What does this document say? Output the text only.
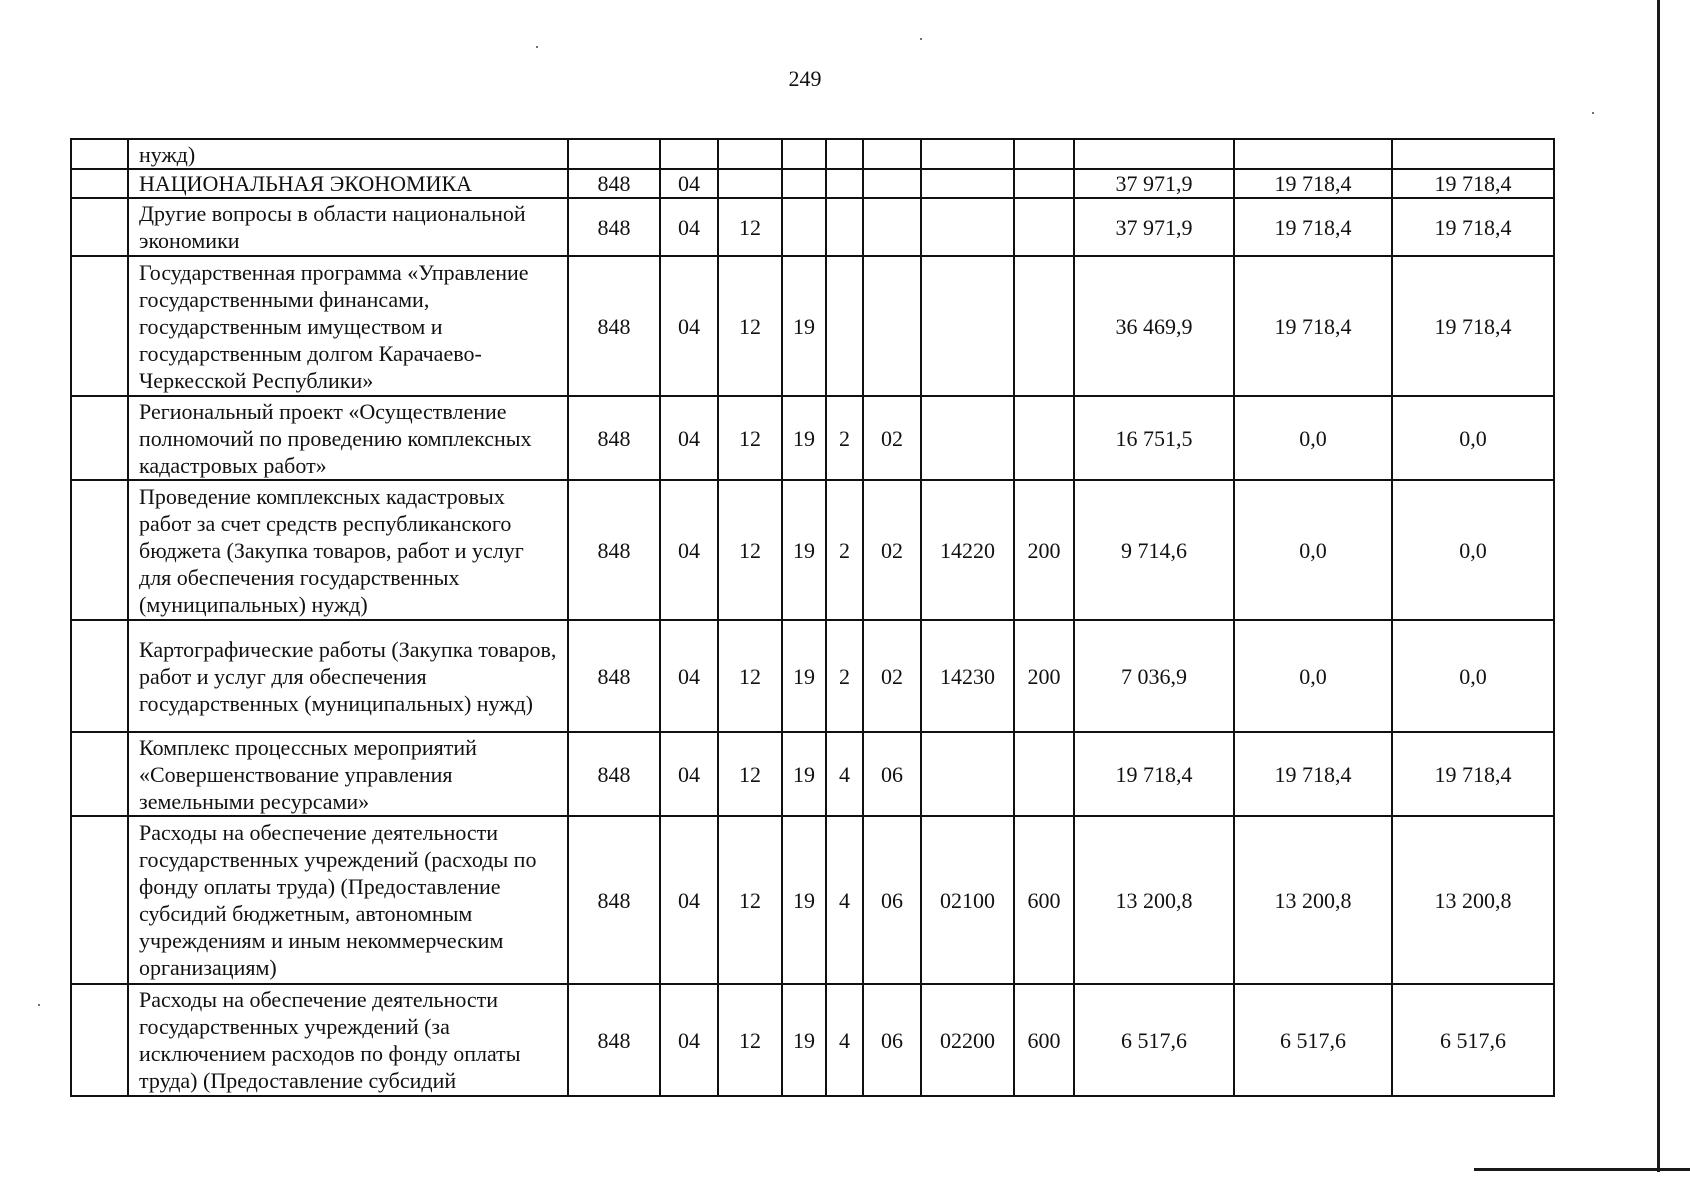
249
	нужд)											
	НАЦИОНАЛЬНАЯ ЭКОНОМИКА	848	04							37 971,9	19 718,4	19 718,4
	Другие вопросы в области национальной экономики	848	04	12						37 971,9	19 718,4	19 718,4
	Государственная программа «Управление государственными финансами, государственным имуществом и государственным долгом Карачаево-Черкесской Республики»	848	04	12	19					36 469,9	19 718,4	19 718,4
	Региональный проект «Осуществление полномочий по проведению комплексных кадастровых работ»	848	04	12	19	2	02			16 751,5	0,0	0,0
	Проведение комплексных кадастровых работ за счет средств республиканского бюджета (Закупка товаров, работ и услуг для обеспечения государственных (муниципальных) нужд)	848	04	12	19	2	02	14220	200	9 714,6	0,0	0,0
	Картографические работы (Закупка товаров, работ и услуг для обеспечения государственных (муниципальных) нужд)	848	04	12	19	2	02	14230	200	7 036,9	0,0	0,0
	Комплекс процессных мероприятий «Совершенствование управления земельными ресурсами»	848	04	12	19	4	06			19 718,4	19 718,4	19 718,4
	Расходы на обеспечение деятельности государственных учреждений (расходы по фонду оплаты труда) (Предоставление субсидий бюджетным, автономным учреждениям и иным некоммерческим организациям)	848	04	12	19	4	06	02100	600	13 200,8	13 200,8	13 200,8
	Расходы на обеспечение деятельности государственных учреждений (за исключением расходов по фонду оплаты труда) (Предоставление субсидий	848	04	12	19	4	06	02200	600	6 517,6	6 517,6	6 517,6
